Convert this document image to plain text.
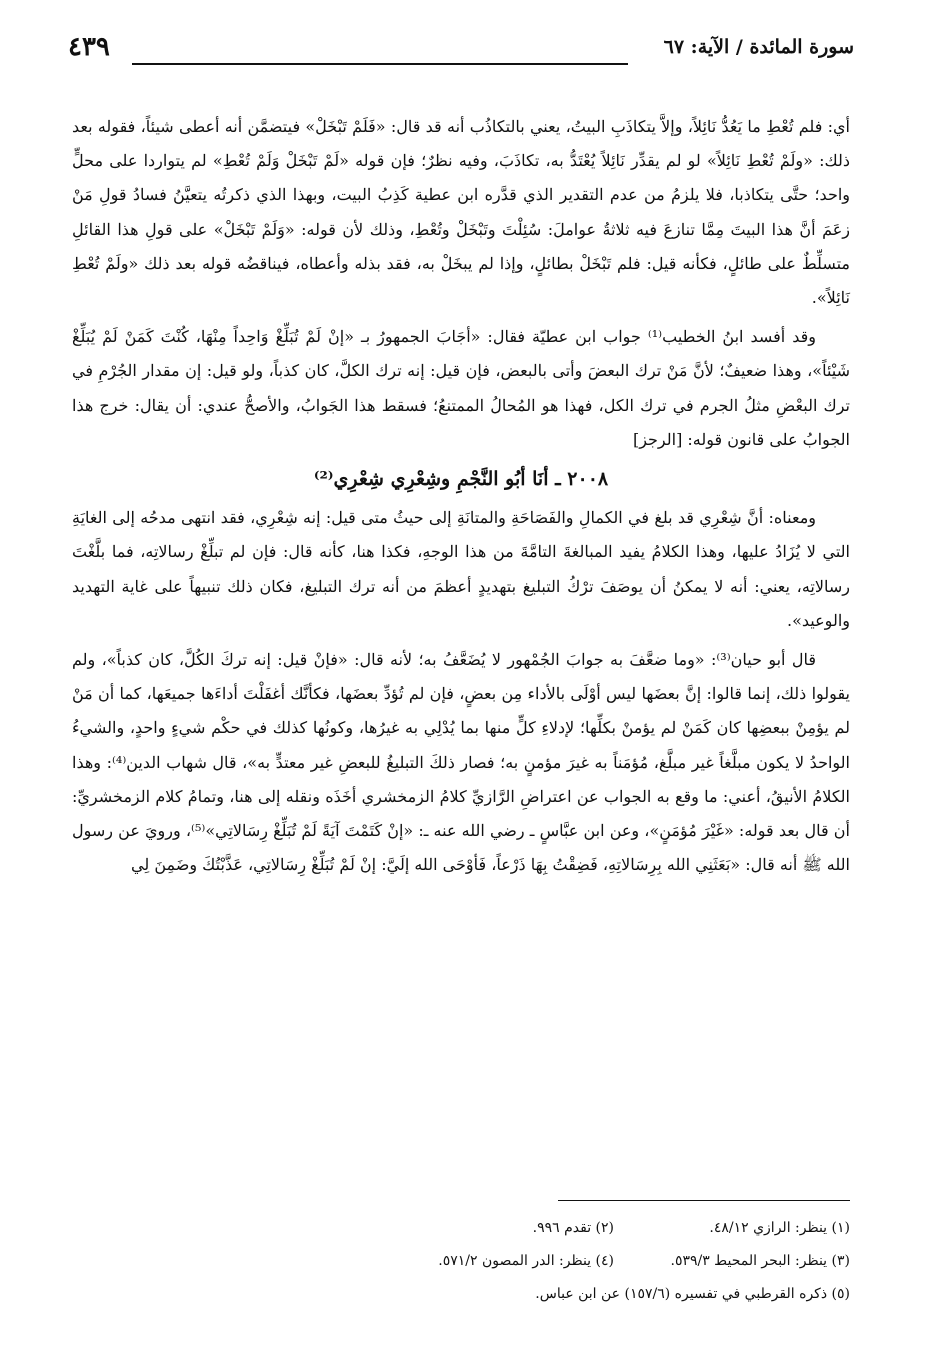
سورة المائدة / الآية: ٦٧
٤٣٩

أي: فلم تُعْطِ ما يَعُدُّ نَائِلاً، وإلاَّ يتكاذَبِ البيتُ، يعني بالتكاذُب أنه قد قال: «فَلَمْ تَبْخَلْ» فيتضمَّن أنه أعطى شيئاً، فقوله بعد ذلك: «ولَمْ تُعْطِ نَائِلاً» لو لم يقدِّر نَائِلاً يُعْتَدُّ به، تكاذَبَ، وفيه نظرٌ؛ فإن قوله «لَمْ تَبْخَلْ وَلَمْ تُعْطِ» لم يتواردا على محلٍّ واحد؛ حتَّى يتكاذبا، فلا يلزمُ من عدم التقدير الذي قدَّره ابن عطية كَذِبُ البيت، وبهذا الذي ذكرتُه يتعيَّنُ فسادُ قولِ مَنْ زعَمَ أنَّ هذا البيتَ مِمَّا تنازعَ فيه ثلاثةُ عواملَ: سُئِلْتَ وتَبْخَلْ وتُعْطِ، وذلك لأن قوله: «وَلَمْ تَبْخَلْ» على قولِ هذا القائلِ متسلِّطٌ على طائلٍ، فكأنه قيل: فلم تَبْخَلْ بطائلٍ، وإذا لم يبخَلْ به، فقد بذله وأعطاه، فيناقضُه قوله بعد ذلك «ولَمْ تُعْطِ نَائِلاً».

وقد أفسد ابنُ الخطيب⁽¹⁾ جواب ابن عطيّة فقال: «أجَابَ الجمهورُ بـ «إنْ لَمْ تُبَلِّغْ وَاحِداً مِنْهَا، كُنْتَ كَمَنْ لَمْ يُبَلِّغْ شَيْئاً»، وهذا ضعيفٌ؛ لأنَّ مَنْ ترك البعضَ وأتى بالبعض، فإن قيل: إنه ترك الكلَّ، كان كذباً، ولو قيل: إن مقدار الجُرْمِ في ترك البعْضِ مثلُ الجرم في ترك الكل، فهذا هو المُحالُ الممتنعُ؛ فسقط هذا الجَوابُ، والأصحُّ عندي: أن يقال: خرج هذا الجوابُ على قانون قوله: [الرجز]

٢٠٠٨ ـ أنَا أبُو النَّجْمِ وشِعْرِي شِعْرِي⁽²⁾

ومعناه: أنَّ شِعْرِي قد بلغ في الكمالِ والفَصَاحَةِ والمتانَةِ إلى حيثُ متى قيل: إنه شِعْرِي، فقد انتهى مدحُه إلى الغايَةِ التي لا يُزَادُ عليها، وهذا الكلامُ يفيد المبالغةَ التامَّةَ من هذا الوجهِ، فكذا هنا، كأنه قال: فإن لم تبلِّغْ رسالاتِه، فما بلَّغْتَ رسالاتِه، يعني: أنه لا يمكنُ أن يوصَفَ ترْكُ التبليغ بتهديدٍ أعظمَ من أنه ترك التبليغ، فكان ذلك تنبيهاً على غاية التهديد والوعيد».

قال أبو حيان⁽³⁾: «وما ضعَّفَ به جوابَ الجُمْهور لا يُضَعَّفُ به؛ لأنه قال: «فإنْ قيل: إنه تركَ الكُلَّ، كان كذباً»، ولم يقولوا ذلك، إنما قالوا: إنَّ بعضَها ليس أوْلَى بالأداء مِن بعضٍ، فإن لم تُؤدِّ بعضَها، فكأنَّك أغفَلْتَ أداءَها جميعَها، كما أن مَنْ لم يؤمِنْ ببعضِها كان كَمَنْ لم يؤمنْ بكلِّها؛ لإدلاءِ كلٍّ منها بما يُدْلِي به غيرُها، وكونُها كذلك في حكْم شيءٍ واحدٍ، والشيءُ الواحدُ لا يكون مبلَّغاً غير مبلَّغ، مُؤمَناً به غيرَ مؤمنٍ به؛ فصار ذلكَ التبليغُ للبعضِ غير معتدٍّ به»، قال شهاب الدين⁽⁴⁾: وهذا الكلامُ الأنيقُ، أعني: ما وقع به الجواب عن اعتراضِ الرَّازيِّ كلامُ الزمخشري أخَذَه ونقله إلى هنا، وتمامُ كلام الزمخشريِّ: أن قال بعد قوله: «غَيْرَ مُؤمَنٍ»، وعن ابن عبَّاسٍ ـ رضي الله عنه ـ: «إنْ كَتَمْتَ آيَةً لَمْ تُبَلِّغْ رِسَالاتِي»⁽⁵⁾، ورويَ عن رسول الله ﷺ أنه قال: «بَعَثَنِي الله بِرِسَالاتِهِ، فَضِقْتُ بِهَا ذَرْعاً، فَأوْحَى الله إلَيَّ: إنْ لَمْ تُبَلِّغْ رِسَالاتِي، عَذَّبْتُكَ وضَمِنَ لِي

(١) ينظر: الرازي ٤٨/١٢.
(٢) تقدم ٩٩٦.
(٣) ينظر: البحر المحيط ٥٣٩/٣.
(٤) ينظر: الدر المصون ٥٧١/٢.
(٥) ذكره القرطبي في تفسيره (١٥٧/٦) عن ابن عباس.
